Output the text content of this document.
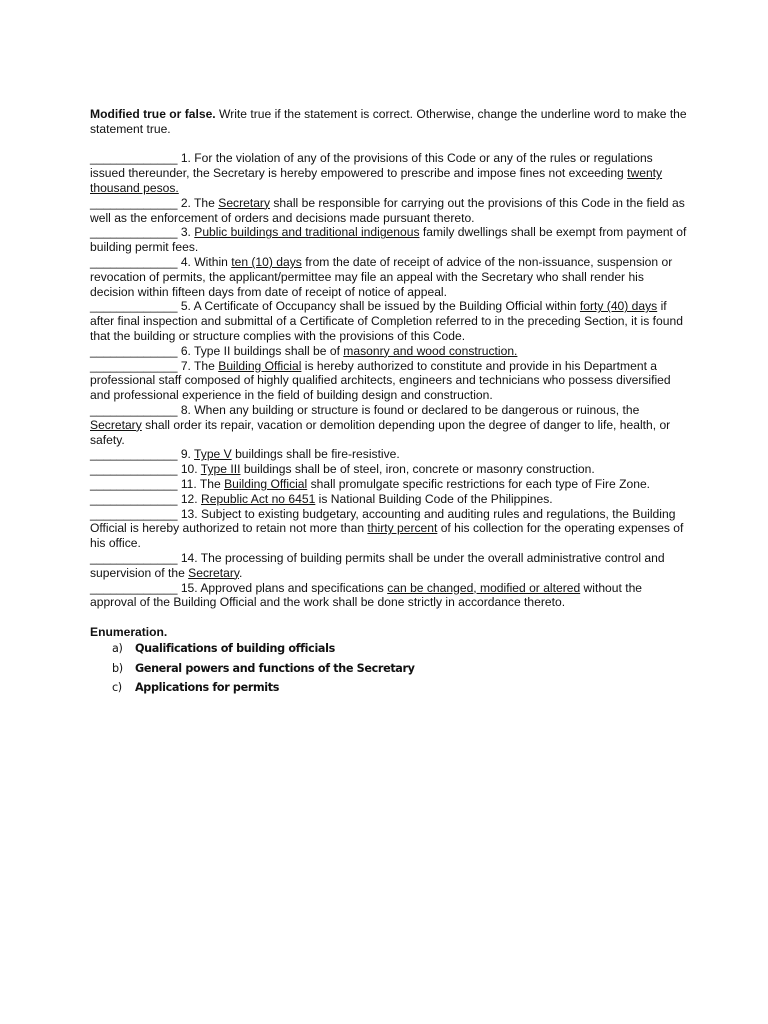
Modified true or false. Write true if the statement is correct. Otherwise, change the underline word to make the statement true.

_____________ 1. For the violation of any of the provisions of this Code or any of the rules or regulations issued thereunder, the Secretary is hereby empowered to prescribe and impose fines not exceeding twenty thousand pesos.

_____________ 2. The Secretary shall be responsible for carrying out the provisions of this Code in the field as well as the enforcement of orders and decisions made pursuant thereto.

_____________ 3. Public buildings and traditional indigenous family dwellings shall be exempt from payment of building permit fees.

_____________ 4. Within ten (10) days from the date of receipt of advice of the non-issuance, suspension or revocation of permits, the applicant/permittee may file an appeal with the Secretary who shall render his decision within fifteen days from date of receipt of notice of appeal.

_____________ 5. A Certificate of Occupancy shall be issued by the Building Official within forty (40) days if after final inspection and submittal of a Certificate of Completion referred to in the preceding Section, it is found that the building or structure complies with the provisions of this Code.

_____________ 6. Type II buildings shall be of masonry and wood construction.

_____________ 7. The Building Official is hereby authorized to constitute and provide in his Department a professional staff composed of highly qualified architects, engineers and technicians who possess diversified and professional experience in the field of building design and construction.

_____________ 8. When any building or structure is found or declared to be dangerous or ruinous, the Secretary shall order its repair, vacation or demolition depending upon the degree of danger to life, health, or safety.

_____________ 9. Type V buildings shall be fire-resistive.

_____________ 10. Type III buildings shall be of steel, iron, concrete or masonry construction.

_____________ 11. The Building Official shall promulgate specific restrictions for each type of Fire Zone.

_____________ 12. Republic Act no 6451 is National Building Code of the Philippines.

_____________ 13. Subject to existing budgetary, accounting and auditing rules and regulations, the Building Official is hereby authorized to retain not more than thirty percent of his collection for the operating expenses of his office.

_____________ 14. The processing of building permits shall be under the overall administrative control and supervision of the Secretary.

_____________ 15. Approved plans and specifications can be changed, modified or altered without the approval of the Building Official and the work shall be done strictly in accordance thereto.

Enumeration.
a)	Qualifications of building officials
b)	General powers and functions of the Secretary
c)	Applications for permits
